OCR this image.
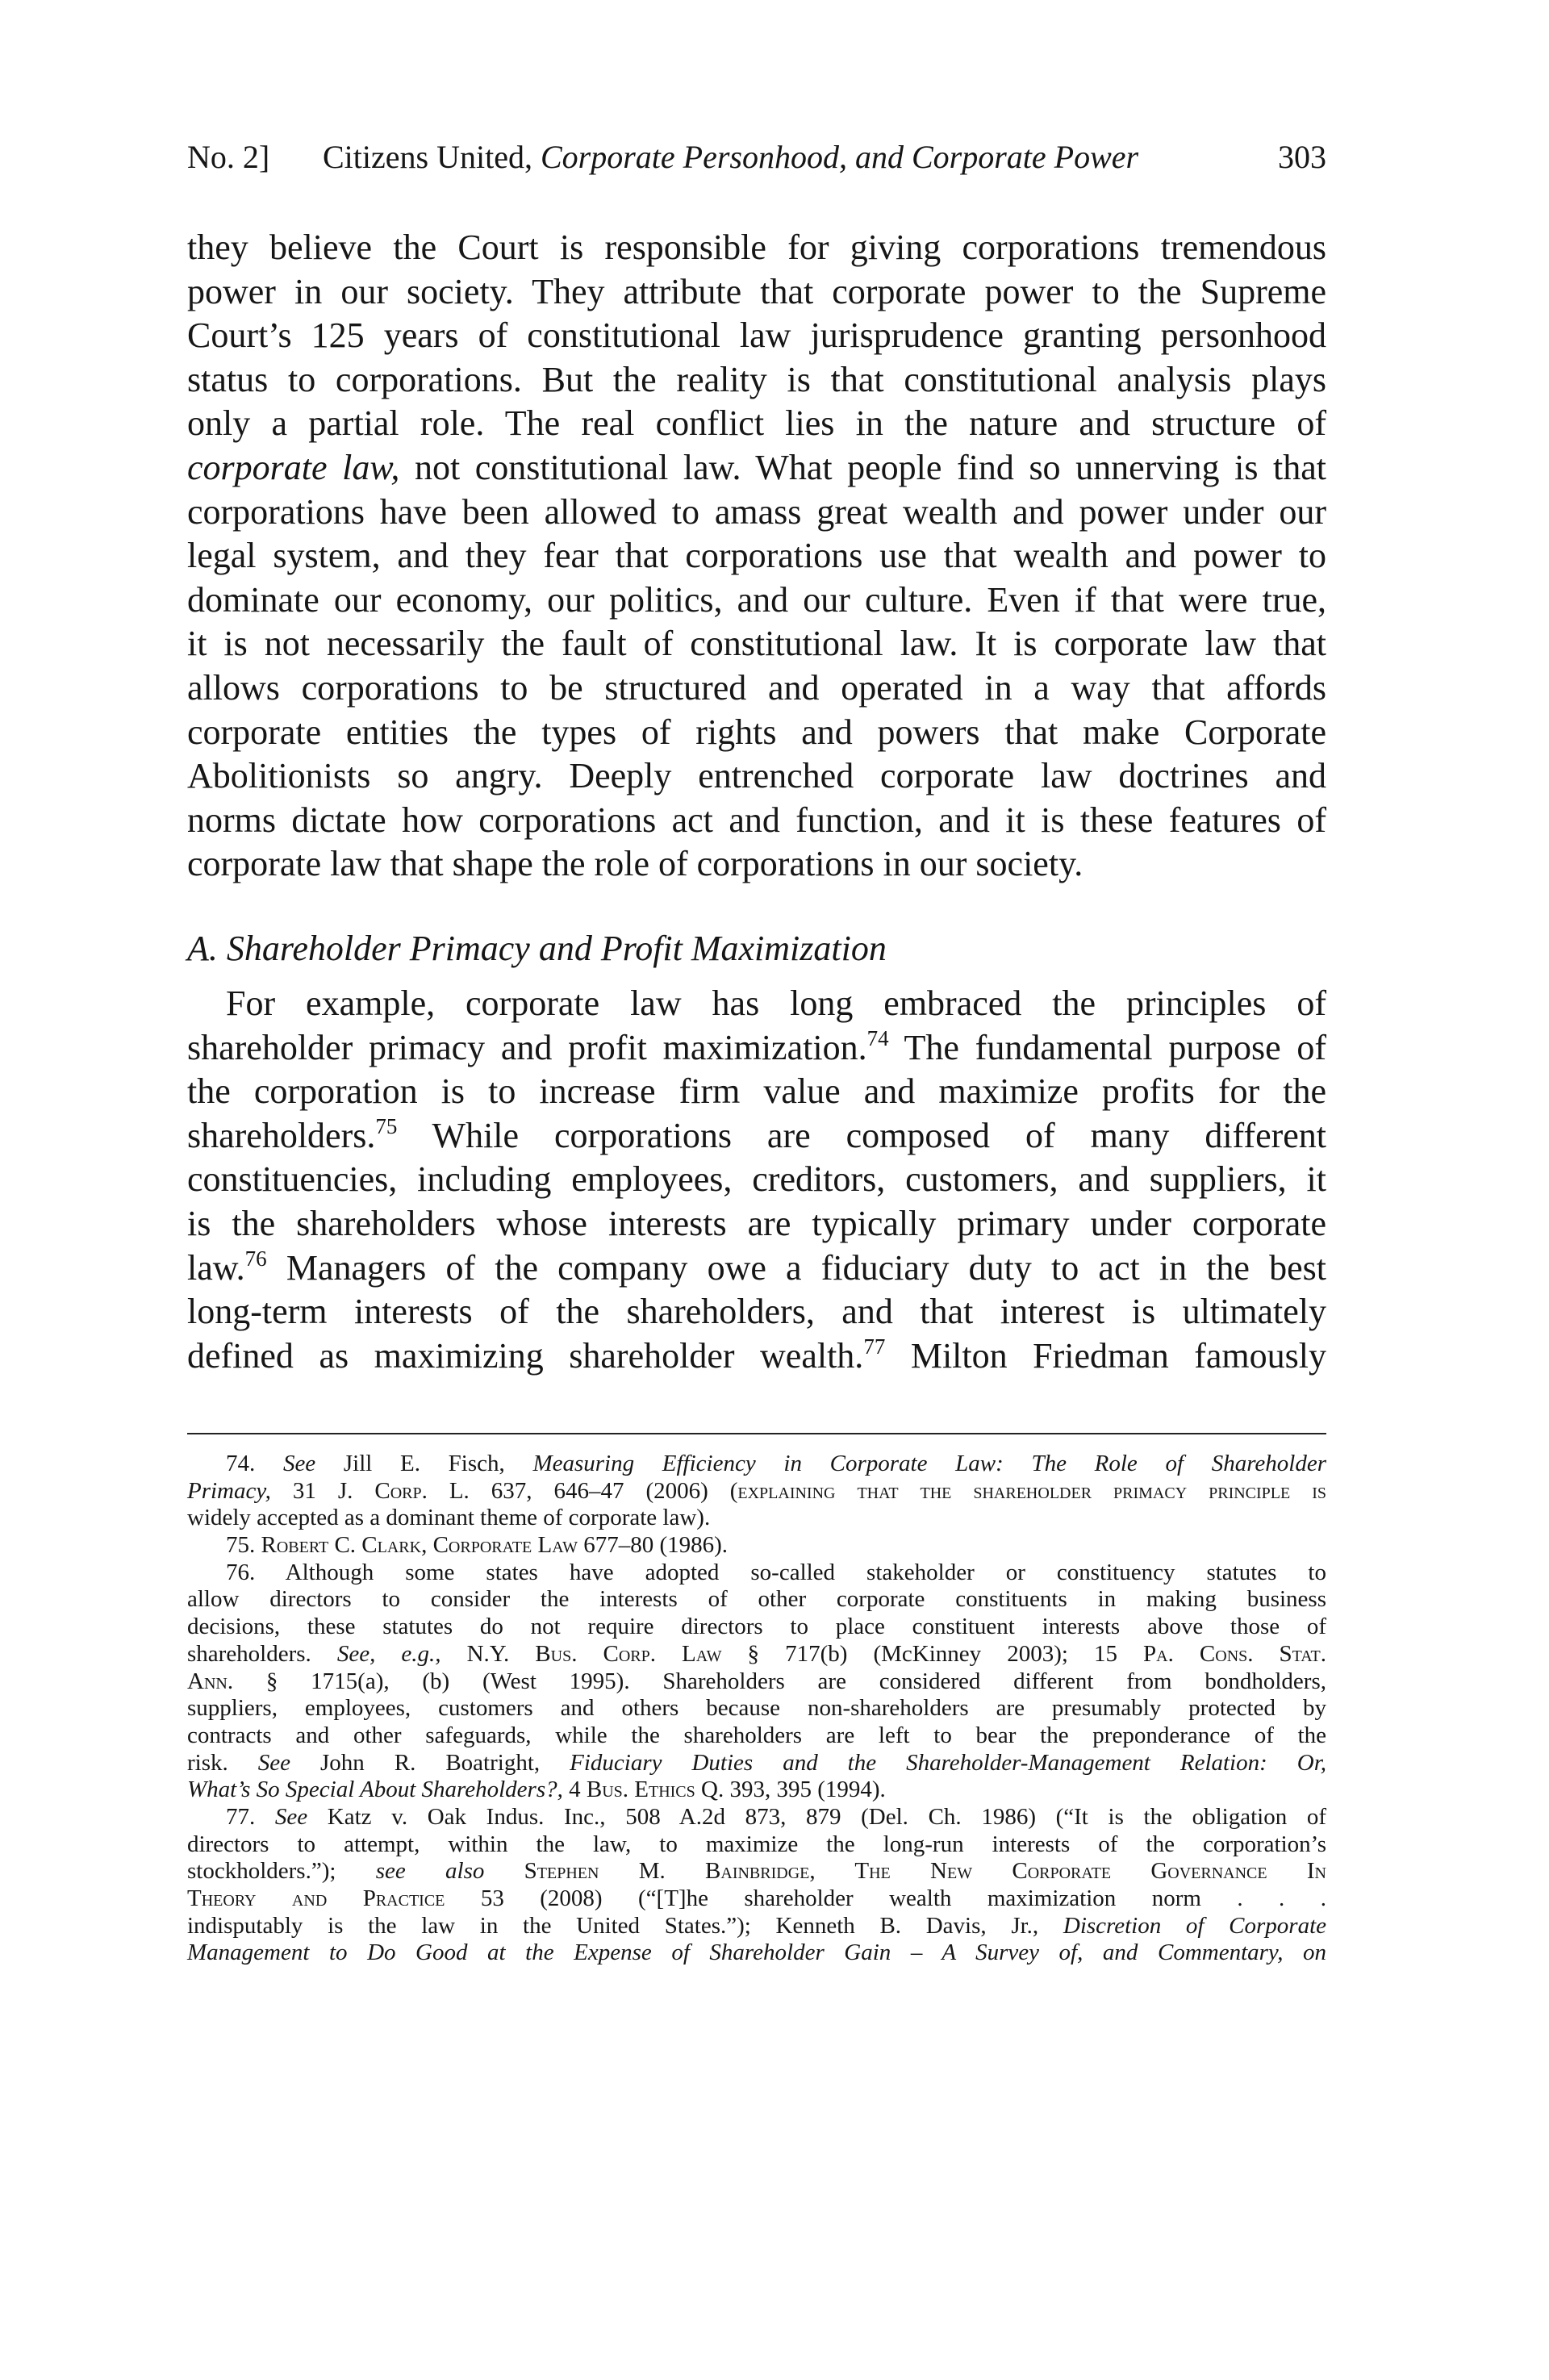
No. 2] Citizens United, Corporate Personhood, and Corporate Power	303
they believe the Court is responsible for giving corporations tremendous
power in our society. They attribute that corporate power to the Supreme
Court’s 125 years of constitutional law jurisprudence granting personhood
status to corporations. But the reality is that constitutional analysis plays
only a partial role. The real conflict lies in the nature and structure of
corporate law, not constitutional law. What people find so unnerving is that
corporations have been allowed to amass great wealth and power under our
legal system, and they fear that corporations use that wealth and power to
dominate our economy, our politics, and our culture. Even if that were true,
it is not necessarily the fault of constitutional law. It is corporate law that
allows corporations to be structured and operated in a way that affords
corporate entities the types of rights and powers that make Corporate
Abolitionists so angry. Deeply entrenched corporate law doctrines and
norms dictate how corporations act and function, and it is these features of
corporate law that shape the role of corporations in our society.
A. Shareholder Primacy and Profit Maximization
For example, corporate law has long embraced the principles of
shareholder primacy and profit maximization.$^{74}$ The fundamental purpose of
the corporation is to increase firm value and maximize profits for the
shareholders.$^{75}$ While corporations are composed of many different
constituencies, including employees, creditors, customers, and suppliers, it
is the shareholders whose interests are typically primary under corporate
law.$^{76}$ Managers of the company owe a fiduciary duty to act in the best
long-term interests of the shareholders, and that interest is ultimately
defined as maximizing shareholder wealth.$^{77}$ Milton Friedman famously
74. See Jill E. Fisch, Measuring Efficiency in Corporate Law: The Role of Shareholder
Primacy, 31 J. Corp. L. 637, 646–47 (2006) (explaining that the shareholder primacy principle is
widely accepted as a dominant theme of corporate law).
75. Robert C. Clark, Corporate Law 677–80 (1986).
76. Although some states have adopted so-called stakeholder or constituency statutes to
allow directors to consider the interests of other corporate constituents in making business
decisions, these statutes do not require directors to place constituent interests above those of
shareholders. See, e.g., N.Y. Bus. Corp. Law § 717(b) (McKinney 2003); 15 Pa. Cons. Stat.
Ann. § 1715(a), (b) (West 1995). Shareholders are considered different from bondholders,
suppliers, employees, customers and others because non-shareholders are presumably protected by
contracts and other safeguards, while the shareholders are left to bear the preponderance of the
risk. See John R. Boatright, Fiduciary Duties and the Shareholder-Management Relation: Or,
What’s So Special About Shareholders?, 4 Bus. Ethics Q. 393, 395 (1994).
77. See Katz v. Oak Indus. Inc., 508 A.2d 873, 879 (Del. Ch. 1986) (“It is the obligation of
directors to attempt, within the law, to maximize the long-run interests of the corporation’s
stockholders.”); see also Stephen M. Bainbridge, The New Corporate Governance In
Theory and Practice 53 (2008) (“[T]he shareholder wealth maximization norm . . .
indisputably is the law in the United States.”); Kenneth B. Davis, Jr., Discretion of Corporate
Management to Do Good at the Expense of Shareholder Gain – A Survey of, and Commentary, on
